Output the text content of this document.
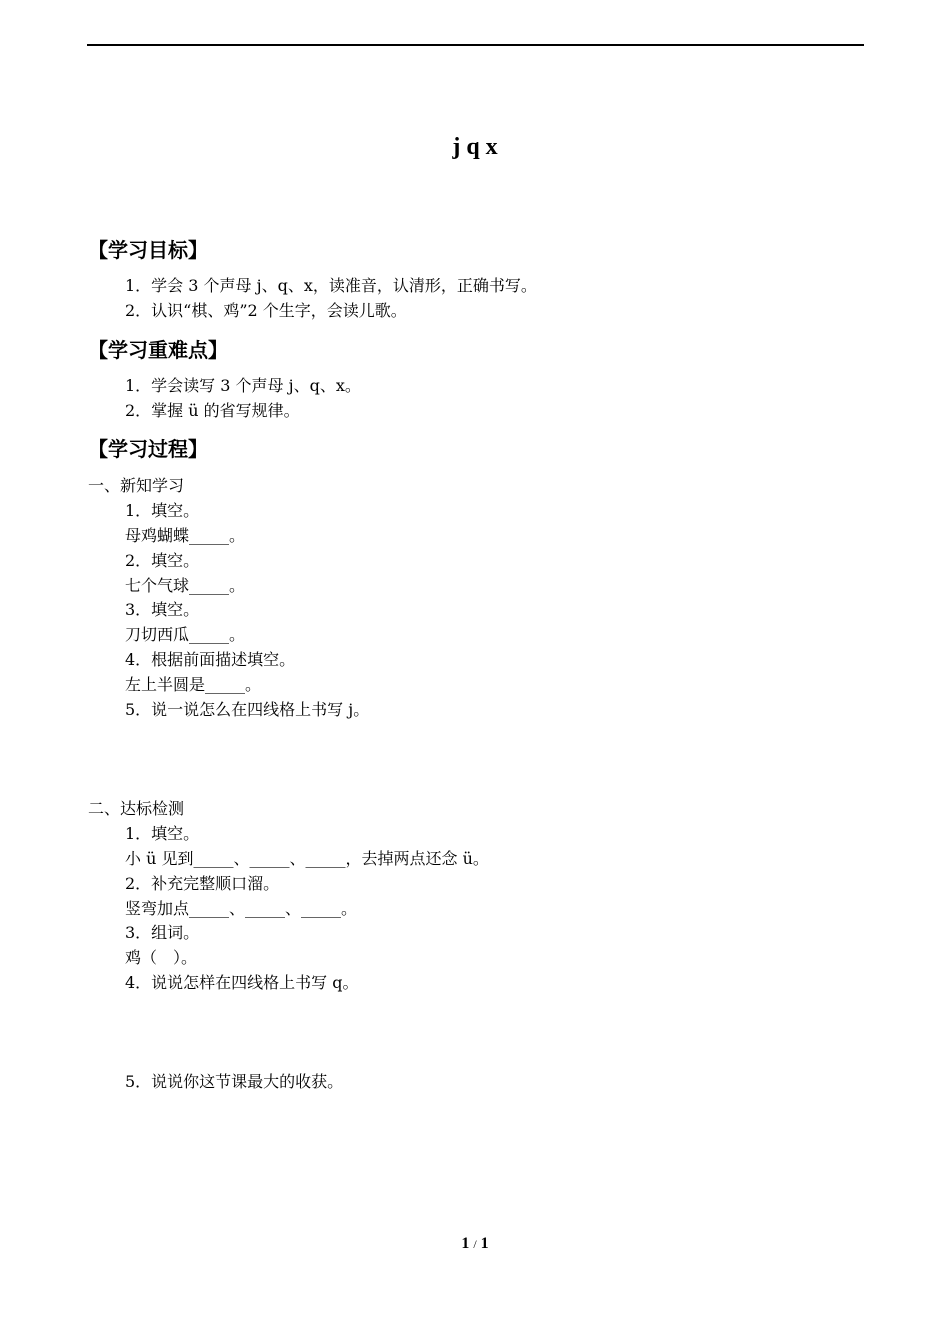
j q x
【学习目标】
1．学会 3 个声母 j、q、x，读准音，认清形，正确书写。
2．认识“棋、鸡”2 个生字，会读儿歌。
【学习重难点】
1．学会读写 3 个声母 j、q、x。
2．掌握 ü 的省写规律。
【学习过程】
一、新知学习
1．填空。
母鸡蝴蝶_____。
2．填空。
七个气球_____。
3．填空。
刀切西瓜_____。
4．根据前面描述填空。
左上半圆是_____。
5．说一说怎么在四线格上书写 j。
二、达标检测
1．填空。
小 ü 见到_____、_____、_____，去掉两点还念 ü。
2．补充完整顺口溜。
竖弯加点_____、_____、_____。
3．组词。
鸡（　）。
4．说说怎样在四线格上书写 q。
5．说说你这节课最大的收获。
1 / 1
